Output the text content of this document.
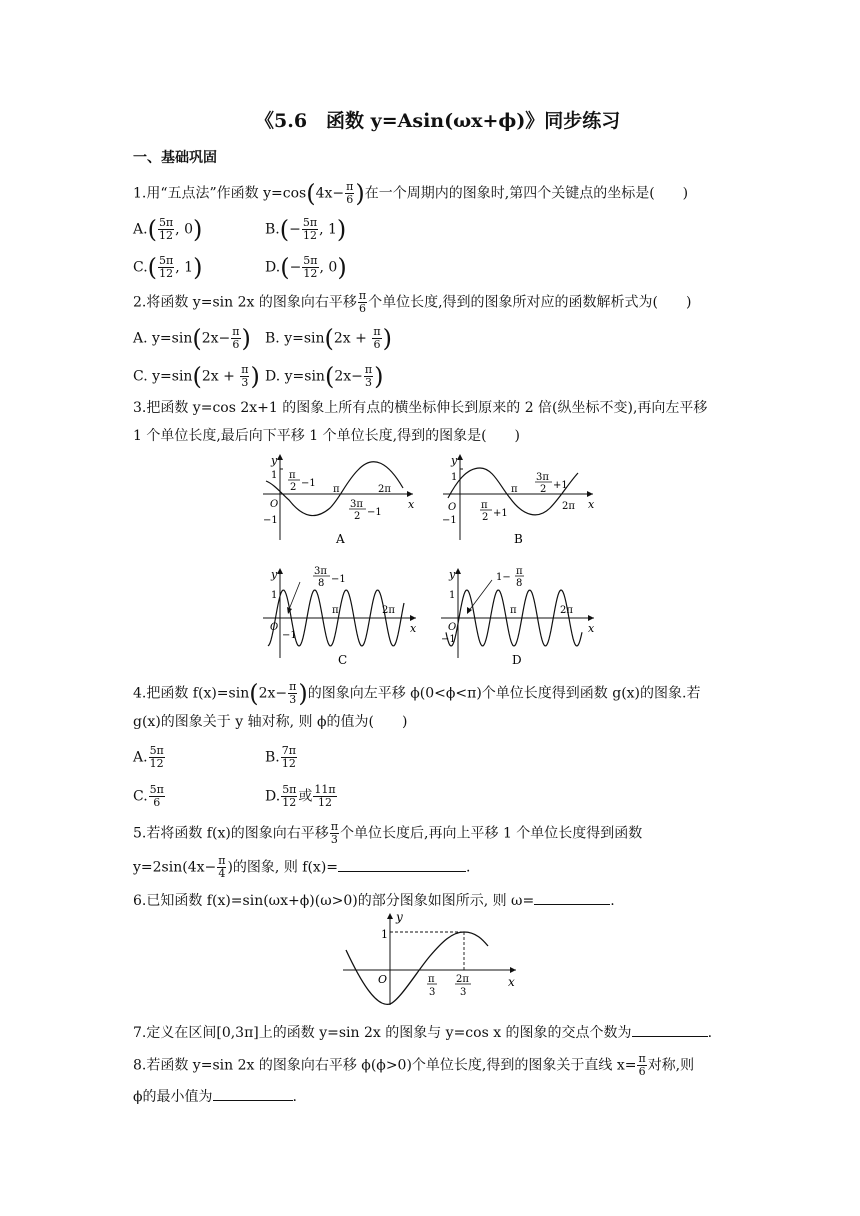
《5.6　函数 y=Asin(ωx+ϕ)》同步练习
一、基础巩固
1.用“五点法”作函数 $y=\cos(4x- \frac{\pi}{6}$ )在一个周期内的图象时,第四个关键点的坐标是(　　)
$A.( \frac{5\pi}{12}$ , 0)	$B.(- \frac{5\pi}{12}$ , 1)
$C.( \frac{5\pi}{12}$ , 1)	$D.(- \frac{5\pi}{12}$ , 0)
2.将函数 y=sin 2x 的图象向右平移 $\frac{\pi}{6}$ 个单位长度,得到的图象所对应的函数解析式为(　　)
A. $y=\sin(2x- \frac{\pi}{6}$ ) B. $y=\sin(2x + \frac{\pi}{6}$ )
C. $y=\sin(2x + \frac{\pi}{3}$ ) D. $y=\sin(2x- \frac{\pi}{3}$ )
3.把函数 y=cos 2x+1 的图象上所有点的横坐标伸长到原来的 2 倍(纵坐标不变),再向左平移
1 个单位长度,最后向下平移 1 个单位长度,得到的图象是(　　)
y
x
O
1
−1
π
2 −1
π
3π
2 −1
2π
A
y
x
O
1
−1
π
2 +1
π
3π
2 +1
2π
B
y
x
O
1
−1
3π
8 −1
π	2π
C
y
x
O
1
−1
1−
π
8
π	2π
D
4.把函数 $f(x)=\sin(2x- \frac{\pi}{3}$ )的图象向左平移 ϕ(0<ϕ<π)个单位长度得到函数 g(x)的图象.若
g(x)的图象关于 y 轴对称, 则 ϕ的值为(　　)
A. $\frac{5\pi}{12}$	B. $\frac{7\pi}{12}$
C. $\frac{5\pi}{6}$	D. $\frac{5\pi}{12}$ 或 $\frac{11\pi}{12}$
5.若将函数 f(x)的图象向右平移 $\frac{\pi}{3}$ 个单位长度后,再向上平移 1 个单位长度得到函数
$y=2\sin(4x- \frac{\pi}{4}$ )的图象, 则 f(x)=	.
6.已知函数 f(x)=sin(ωx+ϕ)(ω>0)的部分图象如图所示, 则 ω=	.
y
x
O
1
π
3
2π
3
7.定义在区间[0,3π]上的函数 y=sin 2x 的图象与 y=cos x 的图象的交点个数为	.
8.若函数 y=sin 2x 的图象向右平移 ϕ(ϕ>0)个单位长度,得到的图象关于直线 $x= \frac{\pi}{6}$ 对称,则
ϕ的最小值为	.
